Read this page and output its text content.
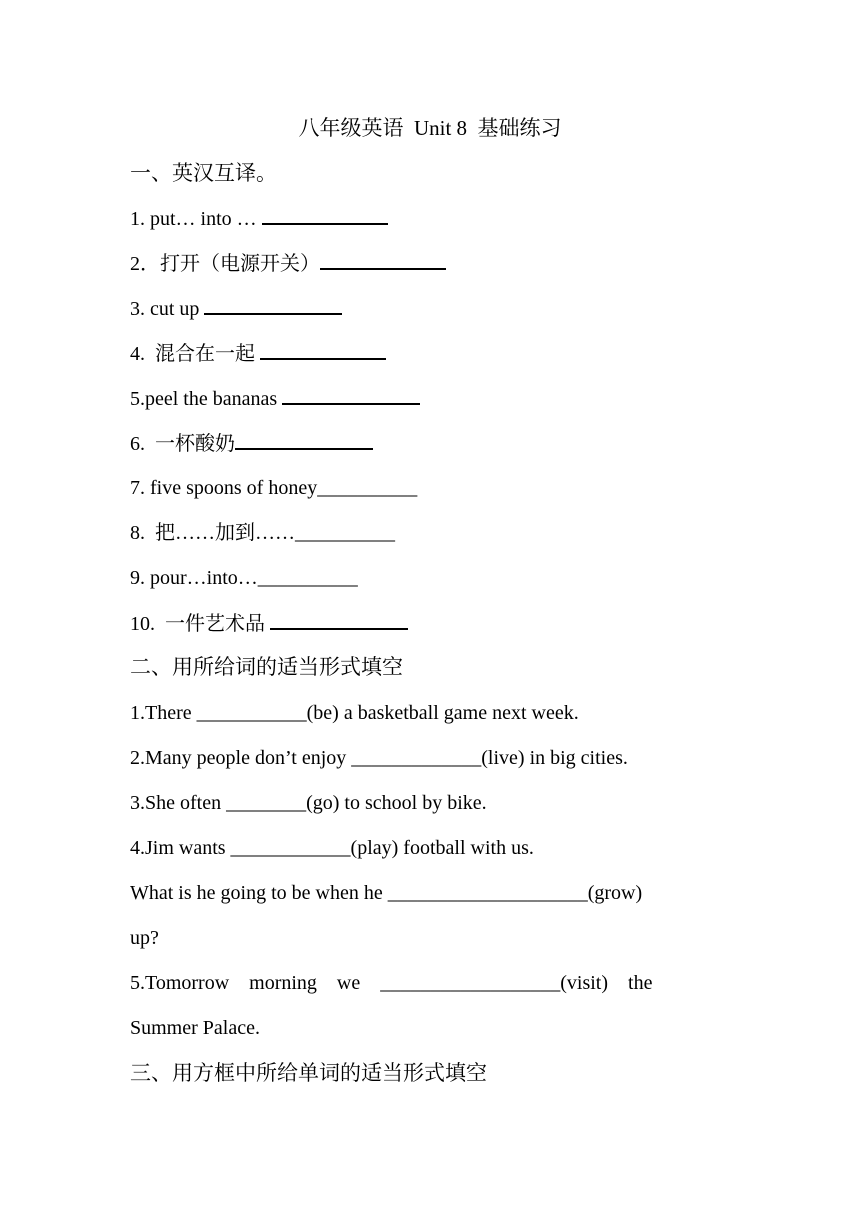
八年级英语  Unit 8  基础练习
一、英汉互译。
1. put… into …
2．打开（电源开关）
3. cut up
4.  混合在一起
5.peel the bananas
6.  一杯酸奶
7. five spoons of honey__________
8.  把……加到……__________
9. pour…into…__________
10.  一件艺术品
二、用所给词的适当形式填空
1.There ___________(be) a basketball game next week.
2.Many people don’t enjoy _____________(live) in big cities.
3.She often ________(go) to school by bike.
4.Jim wants ____________(play) football with us.
What is he going to be when he ____________________(grow)
up?
5.Tomorrow    morning    we    __________________(visit)    the
Summer Palace.
三、用方框中所给单词的适当形式填空
